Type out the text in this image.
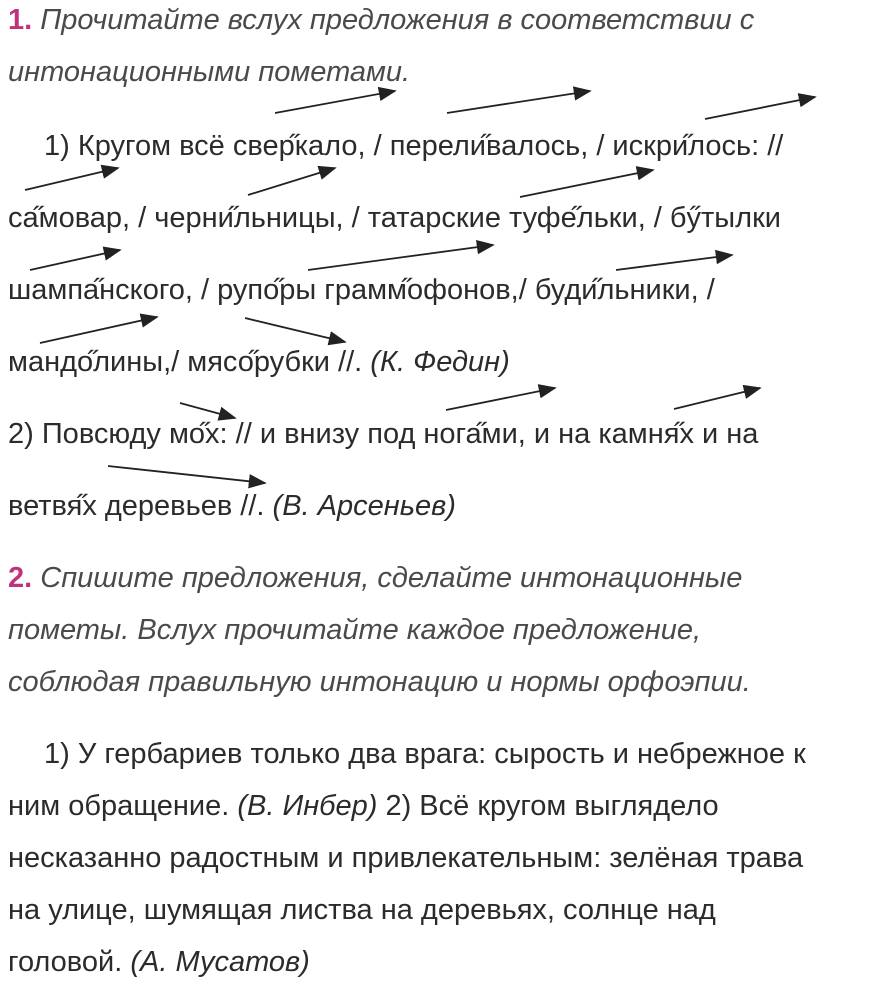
1. Прочитайте вслух предложения в соответствии с
интонационными пометами.
1) Кругом всё свер̋кало, / перели̋валось, / искри̋лось: //
са̋мовар, / черни̋льницы, / татарские туфе̋льки, / бӳтылки
шампа̋нского, / рупо̋ры грамм̋офонов,/ буди̋льники, /
мандо̋лины,/ мясо̋рубки //. (К. Федин)
2) Повсюду мо̋х: // и внизу под нога̋ми, и на камня̋х и на
ветвя̋х деревьев //. (В. Арсеньев)
2. Спишите предложения, сделайте интонационные
пометы. Вслух прочитайте каждое предложение,
соблюдая правильную интонацию и нормы орфоэпии.
1) У гербариев только два врага: сырость и небрежное к
ним обращение. (В. Инбер) 2) Всё кругом выглядело
несказанно радостным и привлекательным: зелёная трава
на улице, шумящая листва на деревьях, солнце над
головой. (А. Мусатов)
